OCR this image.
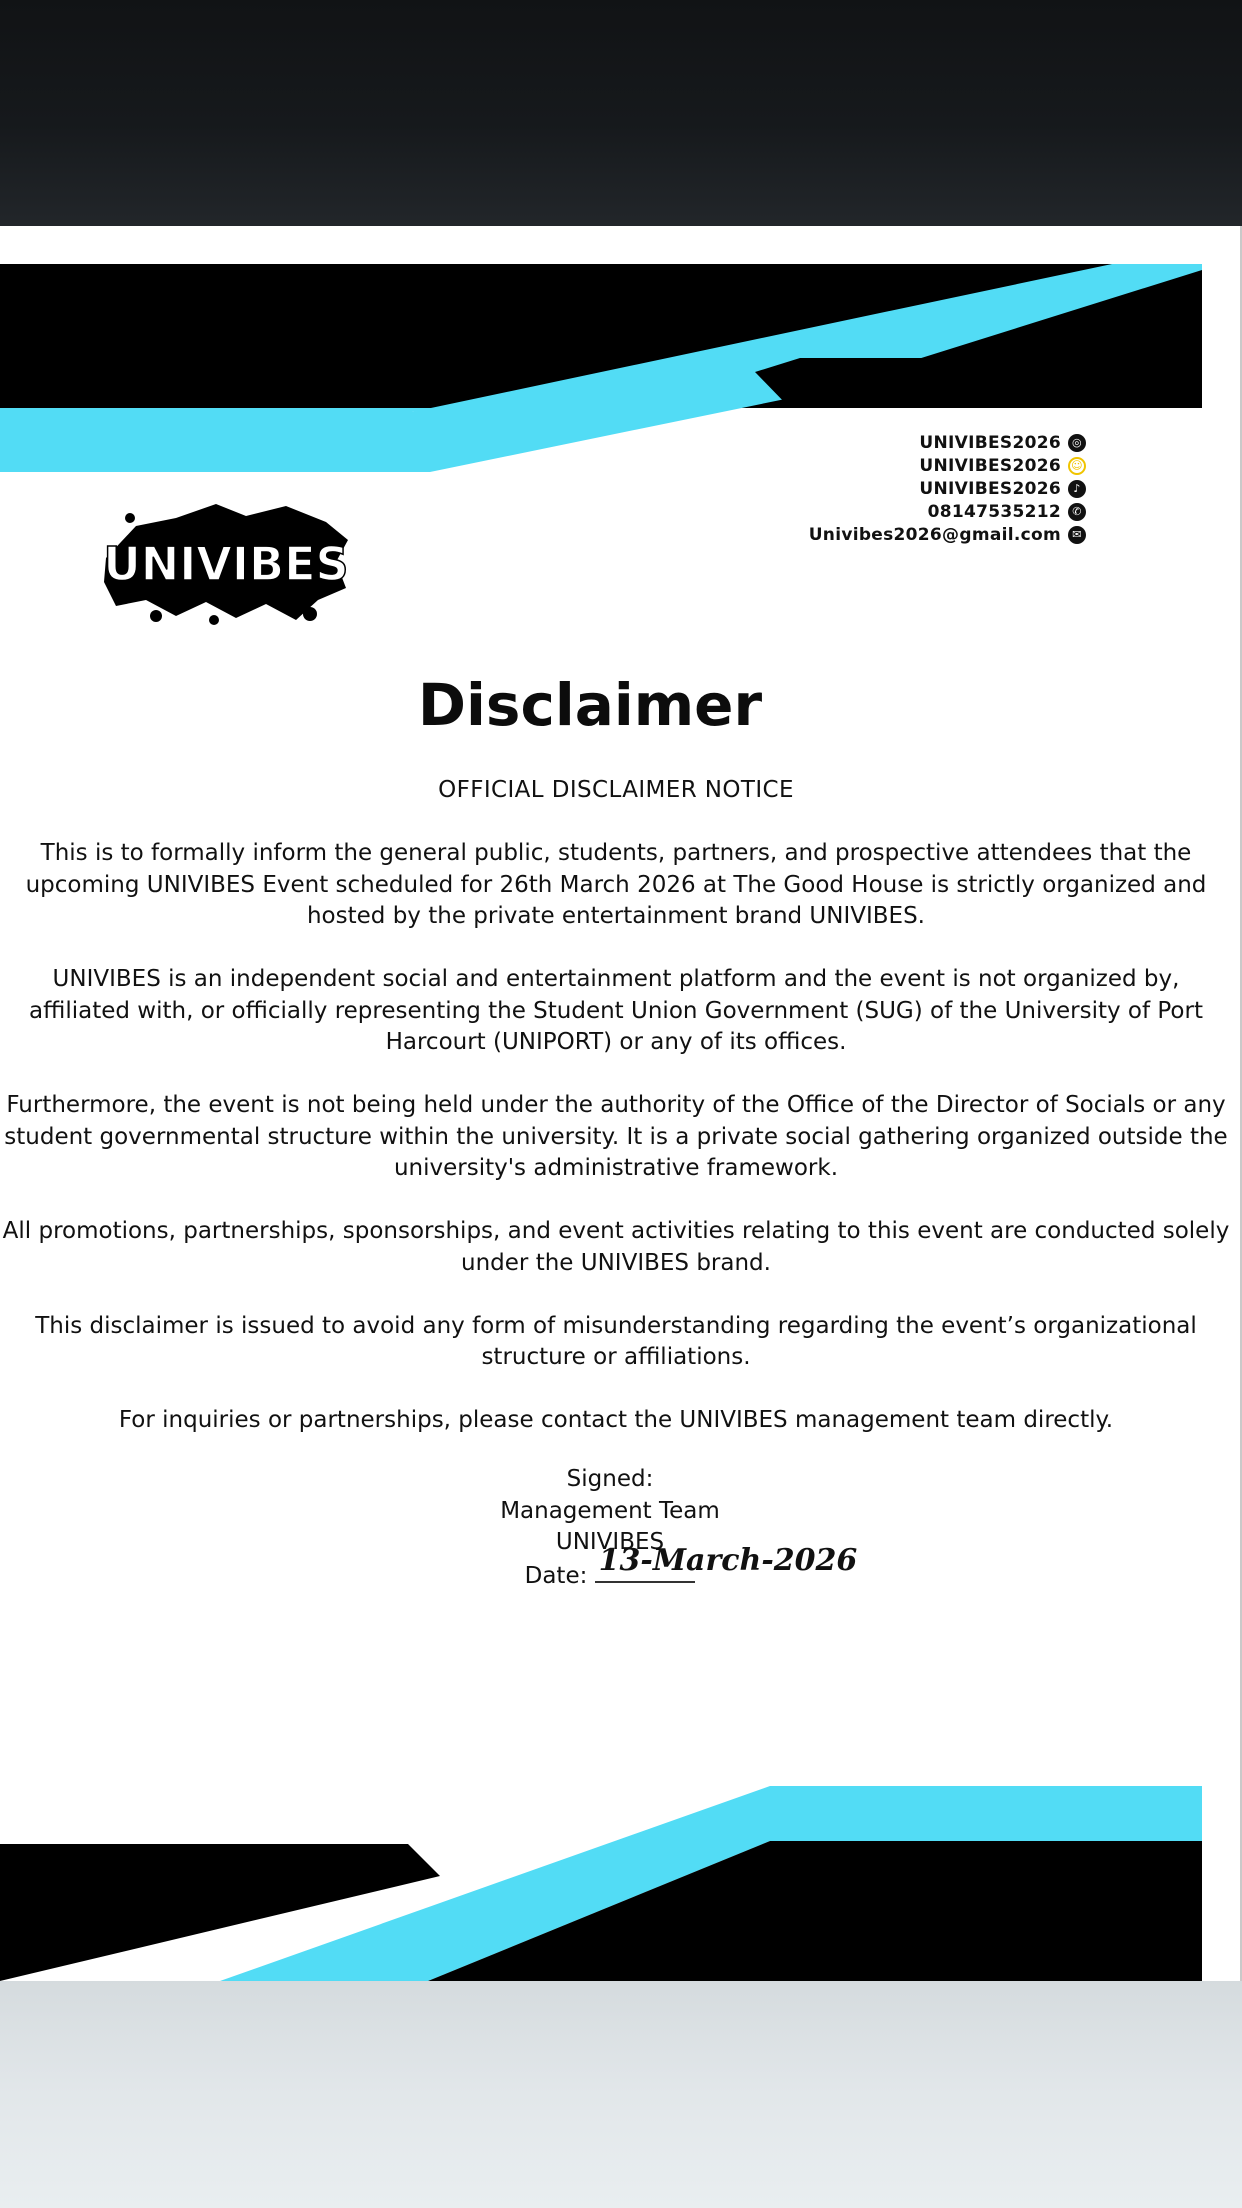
UNIVIBES2026	◎
UNIVIBES2026 ☺
UNIVIBES2026	♪
08147535212	✆
Univibes2026@gmail.com	✉
UNIVIBES
Disclaimer
OFFICIAL DISCLAIMER NOTICE

This is to formally inform the general public, students, partners, and prospective attendees that the upcoming UNIVIBES Event scheduled for 26th March 2026 at The Good House is strictly organized and hosted by the private entertainment brand UNIVIBES.

UNIVIBES is an independent social and entertainment platform and the event is not organized by, affiliated with, or officially representing the Student Union Government (SUG) of the University of Port Harcourt (UNIPORT) or any of its offices.

Furthermore, the event is not being held under the authority of the Office of the Director of Socials or any student governmental structure within the university. It is a private social gathering organized outside the university's administrative framework.

All promotions, partnerships, sponsorships, and event activities relating to this event are conducted solely under the UNIVIBES brand.

This disclaimer is issued to avoid any form of misunderstanding regarding the event’s organizational structure or affiliations.

For inquiries or partnerships, please contact the UNIVIBES management team directly.

Signed:
Management Team
UNIVIBES
Date: 13-March-2026
